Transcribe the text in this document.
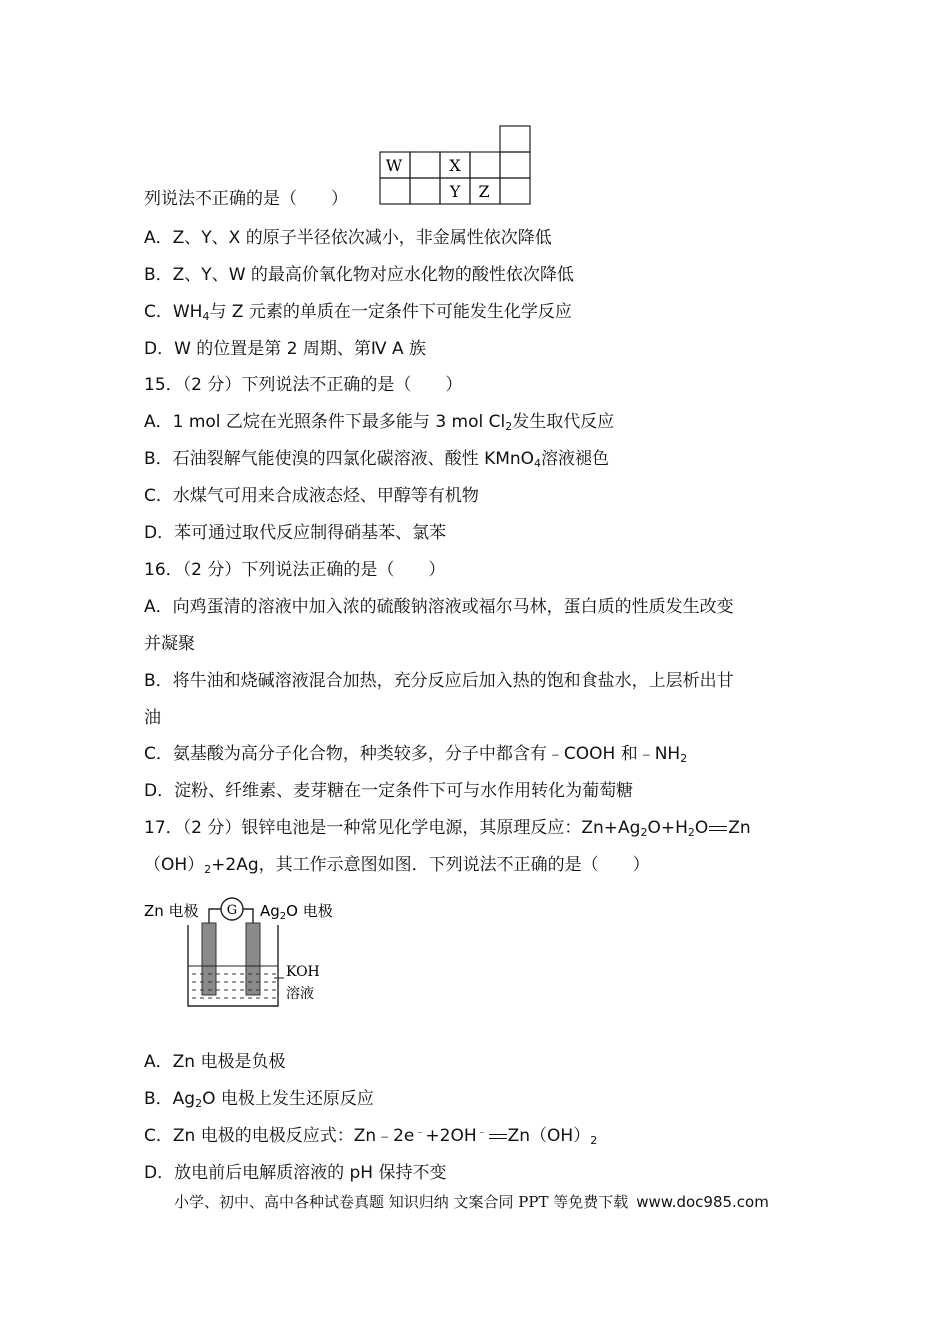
W	X
Y Z
列说法不正确的是（　　）
A．Z、Y、X 的原子半径依次减小，非金属性依次降低
B．Z、Y、W 的最高价氧化物对应水化物的酸性依次降低
C．$WH_4$与 Z 元素的单质在一定条件下可能发生化学反应
D．W 的位置是第 2 周期、第Ⅳ A 族
15．（2 分）下列说法不正确的是（　　）
A．1 mol 乙烷在光照条件下最多能与 3 mol $Cl_2$发生取代反应
B．石油裂解气能使溴的四氯化碳溶液、酸性 KMnO$_4$溶液褪色
C．水煤气可用来合成液态烃、甲醇等有机物
D．苯可通过取代反应制得硝基苯、氯苯
16．（2 分）下列说法正确的是（　　）
A．向鸡蛋清的溶液中加入浓的硫酸钠溶液或福尔马林，蛋白质的性质发生改变
并凝聚
B．将牛油和烧碱溶液混合加热，充分反应后加入热的饱和食盐水，上层析出甘
油
C．氨基酸为高分子化合物，种类较多，分子中都含有﹣COOH 和$﹣NH_2$
D．淀粉、纤维素、麦芽糖在一定条件下可与水作用转化为葡萄糖
17．（2 分）银锌电池是一种常见化学电源，其原理反应：$Zn+Ag_2O+H_2O$ Zn
$(OH)_2+2Ag$，其工作示意图如图．下列说法不正确的是（　　）
Zn 电极 G $Ag_2O$ 电极
KOH
溶液
A．Zn 电极是负极
B．$Ag_2O$ 电极上发生还原反应
C．Zn 电极的电极反应式：Zn﹣2e﹣+2OH﹣ $Zn(OH)_2$
D．放电前后电解质溶液的 pH 保持不变
小学、初中、高中各种试卷真题 知识归纳 文案合同 PPT 等免费下载 www.doc985.com
